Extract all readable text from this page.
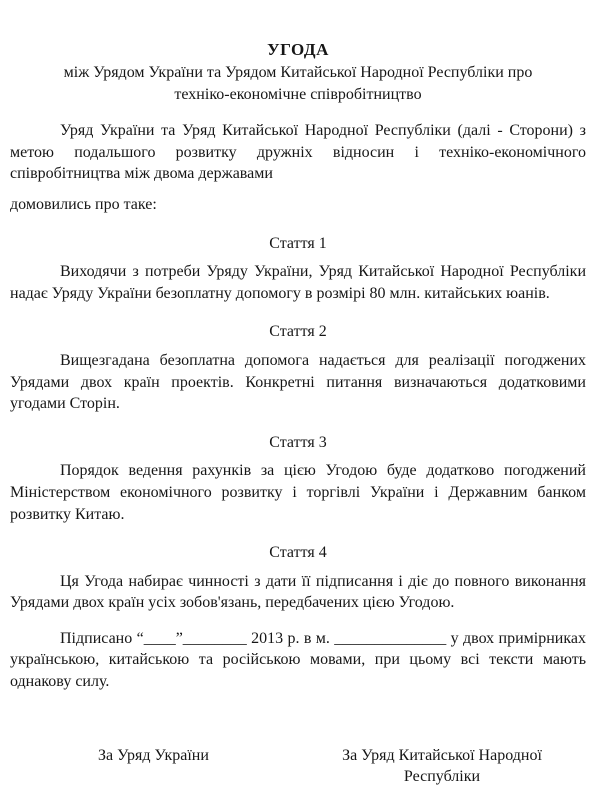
УГОДА
між Урядом України та Урядом Китайської Народної Республіки про техніко-економічне співробітництво

Уряд України та Уряд Китайської Народної Республіки (далі - Сторони) з метою подальшого розвитку дружніх відносин і техніко-економічного співробітництва між двома державами

домовились про таке:

Стаття 1

Виходячи з потреби Уряду України, Уряд Китайської Народної Республіки надає Уряду України безоплатну допомогу в розмірі 80 млн. китайських юанів.

Стаття 2

Вищезгадана безоплатна допомога надається для реалізації погоджених Урядами двох країн проектів. Конкретні питання визначаються додатковими угодами Сторін.

Стаття 3

Порядок ведення рахунків за цією Угодою буде додатково погоджений Міністерством економічного розвитку і торгівлі України і Державним банком розвитку Китаю.

Стаття 4

Ця Угода набирає чинності з дати її підписання і діє до повного виконання Урядами двох країн усіх зобов'язань, передбачених цією Угодою.

Підписано “____”________ 2013 р. в м. ______________ у двох примірниках українською, китайською та російською мовами, при цьому всі тексти мають однакову силу.

За Уряд України	За Уряд Китайської Народної Республіки
